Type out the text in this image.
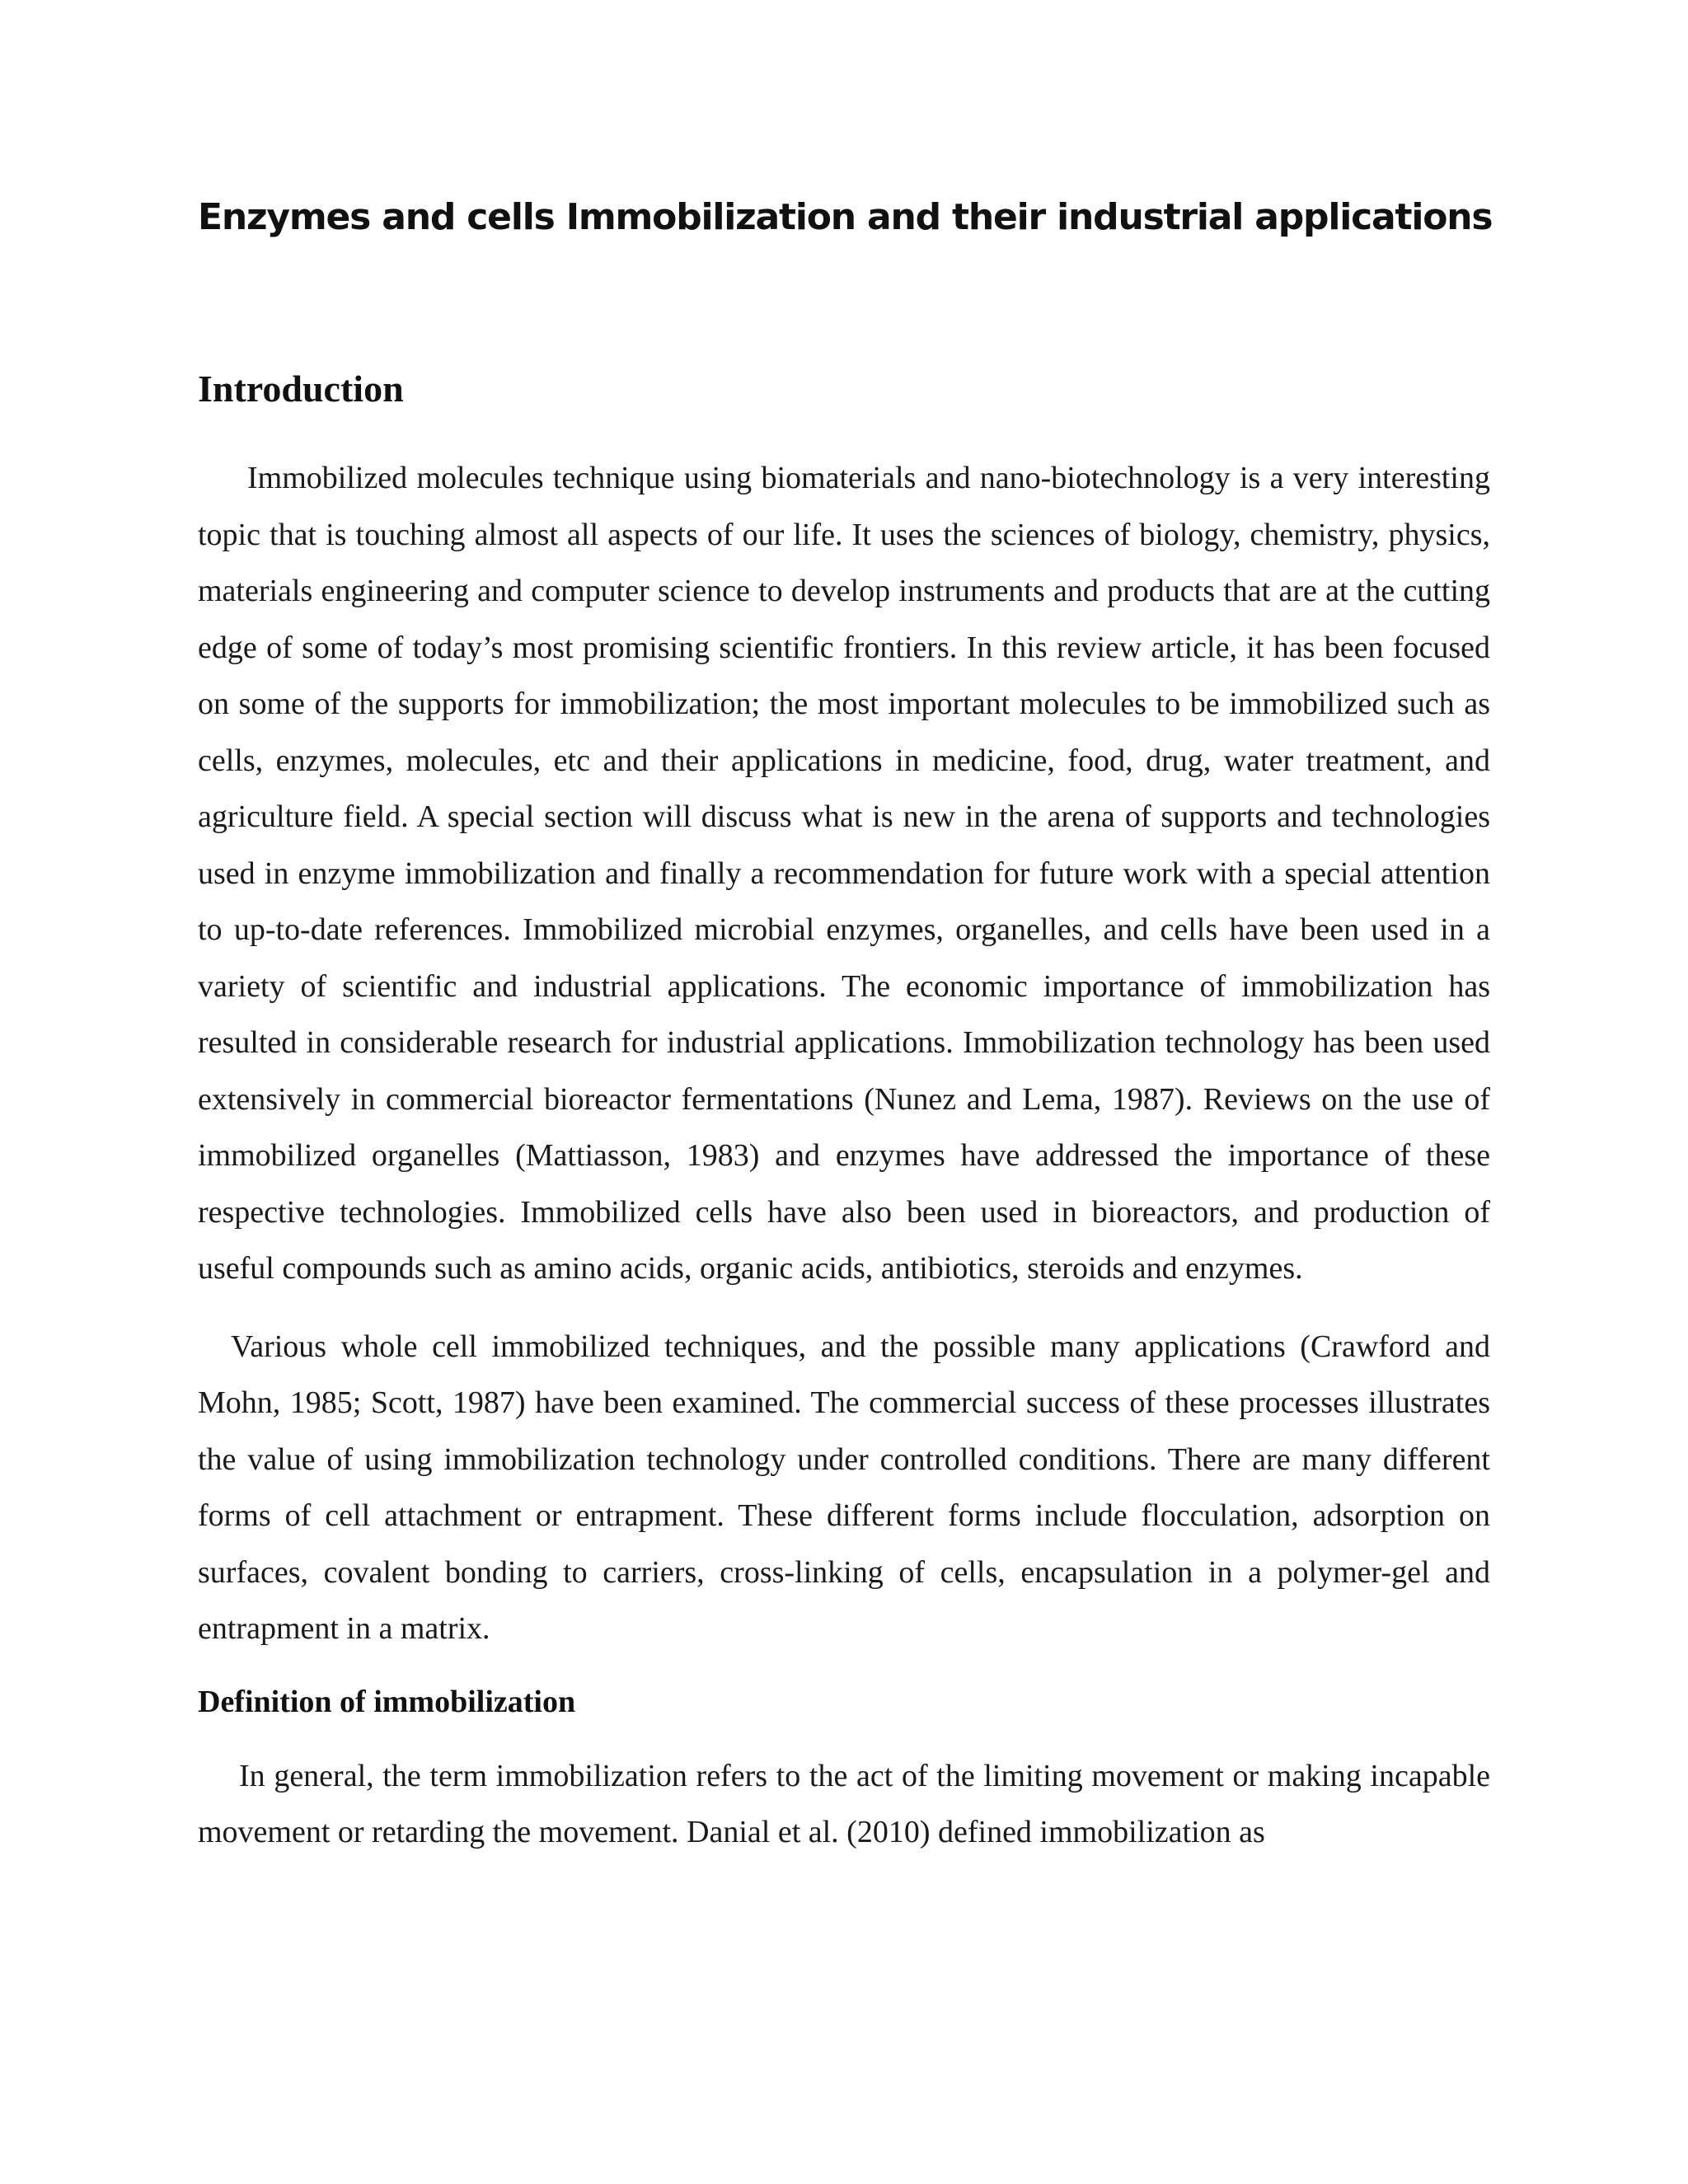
Enzymes and cells Immobilization and their industrial applications
Introduction

Immobilized molecules technique using biomaterials and nano-biotechnology is a very interesting topic that is touching almost all aspects of our life. It uses the sciences of biology, chemistry, physics, materials engineering and computer science to develop instruments and products that are at the cutting edge of some of today’s most promising scientific frontiers. In this review article, it has been focused on some of the supports for immobilization; the most important molecules to be immobilized such as cells, enzymes, molecules, etc and their applications in medicine, food, drug, water treatment, and agriculture field. A special section will discuss what is new in the arena of supports and technologies used in enzyme immobilization and finally a recommendation for future work with a special attention to up-to-date references. Immobilized microbial enzymes, organelles, and cells have been used in a variety of scientific and industrial applications. The economic importance of immobilization has resulted in considerable research for industrial applications. Immobilization technology has been used extensively in commercial bioreactor fermentations (Nunez and Lema, 1987). Reviews on the use of immobilized organelles (Mattiasson, 1983) and enzymes have addressed the importance of these respective technologies. Immobilized cells have also been used in bioreactors, and production of useful compounds such as amino acids, organic acids, antibiotics, steroids and enzymes.

Various whole cell immobilized techniques, and the possible many applications (Crawford and Mohn, 1985; Scott, 1987) have been examined. The commercial success of these processes illustrates the value of using immobilization technology under controlled conditions. There are many different forms of cell attachment or entrapment. These different forms include flocculation, adsorption on surfaces, covalent bonding to carriers, cross-linking of cells, encapsulation in a polymer-gel and entrapment in a matrix.

Definition of immobilization

In general, the term immobilization refers to the act of the limiting movement or making incapable movement or retarding the movement. Danial et al. (2010) defined immobilization as
